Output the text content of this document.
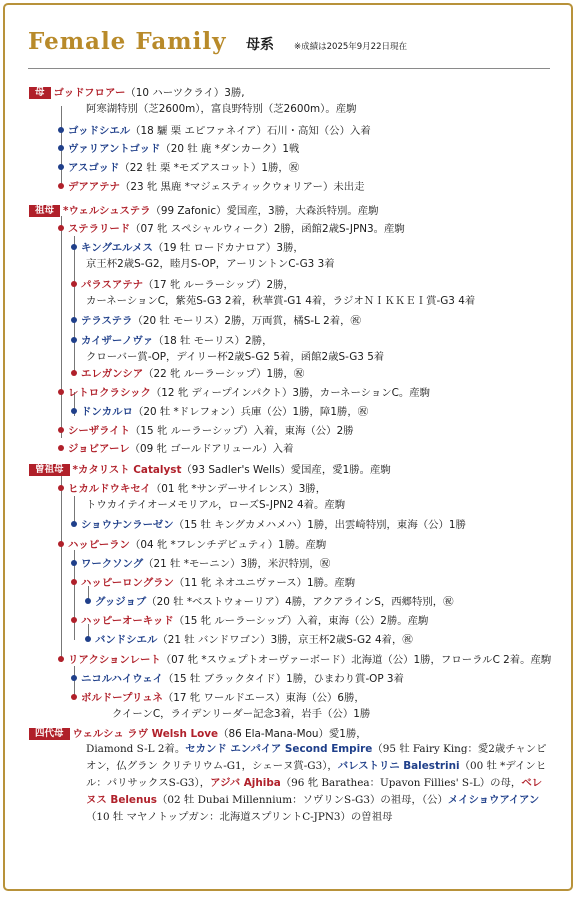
Female Family 母系 ※成績は2025年9月22日現在
母 ゴッドフロアー（10 ハーツクライ）3勝,
阿寒湖特別（芝2600m），富良野特別（芝2600m）。産駒
ゴッドシエル（18 驪 栗 エピファネイア）石川・高知（公）入着
ヴァリアントゴッド（20 牡 鹿 *ダンカーク）1戦
アスゴッド（22 牡 栗 *モズアスコット）1勝，㊗
デアアテナ（23 牝 黒鹿 *マジェスティックウォリアー）未出走
祖母 *ウェルシュステラ（99 Zafonic）愛国産，3勝，大森浜特別。産駒
ステラリード（07 牝 スペシャルウィーク）2勝，函館2歳S-JPN3。産駒
キングエルメス（19 牡 ロードカナロア）3勝，
京王杯2歳S-G2，睦月S-OP，アーリントンC-G3 3着
パラスアテナ（17 牝 ルーラーシップ）2勝，
カーネーションC，紫苑S-G3 2着，秋華賞-G1 4着，ラジオＮＩＫＫＥＩ賞-G3 4着
テラステラ（20 牡 モーリス）2勝，万両賞，橘S-L 2着，㊗
カイザーノヴァ（18 牡 モーリス）2勝，
クローバー賞-OP，デイリー杯2歳S-G2 5着，函館2歳S-G3 5着
エレガンシア（22 牝 ルーラーシップ）1勝，㊗
レトロクラシック（12 牝 ディープインパクト）3勝，カーネーションC。産駒
ドンカルロ（20 牡 *ドレフォン）兵庫（公）1勝，障1勝，㊗
シーザライト（15 牝 ルーラーシップ）入着，東海（公）2勝
ジョビアーレ（09 牝 ゴールドアリュール）入着
曽祖母 *カタリスト Catalyst（93 Sadler's Wells）愛国産，愛1勝。産駒
ヒカルドウキセイ（01 牝 *サンデーサイレンス）3勝，
トウカイテイオーメモリアル，ローズS-JPN2 4着。産駒
ショウナンラーゼン（15 牡 キングカメハメハ）1勝，出雲崎特別，東海（公）1勝
ハッピーラン（04 牝 *フレンチデピュティ）1勝。産駒
ワークソング（21 牡 *モーニン）3勝，米沢特別，㊗
ハッピーロングラン（11 牝 ネオユニヴァース）1勝。産駒
グッジョブ（20 牡 *ベストウォーリア）4勝，アクアラインS，西郷特別，㊗
ハッピーオーキッド（15 牝 ルーラーシップ）入着，東海（公）2勝。産駒
バンドシエル（21 牡 バンドワゴン）3勝，京王杯2歳S-G2 4着，㊗
リアクションレート（07 牝 *スウェプトオーヴァーボード）北海道（公）1勝，フローラルC 2着。産駒
ニコルハイウェイ（15 牡 ブラックタイド）1勝，ひまわり賞-OP 3着
ボルドープリュネ（17 牝 ワールドエース）東海（公）6勝，
クイーンC，ライデンリーダー記念3着，岩手（公）1勝
四代母 ウェルシュ ラヴ Welsh Love（86 Ela-Mana-Mou）愛1勝，
Diamond S-L 2着。セカンド エンパイア Second Empire（95 牡 Fairy King：愛2歳チャンピオン，仏グラン クリテリウム-G1，シェーヌ賞-G3），バレストリニ Balestrini（00 牡 *デインヒル：パリサックスS-G3），アジバ Ajhiba（96 牝 Barathea：Upavon Fillies' S-L）の母，ベレヌス Belenus（02 牡 Dubai Millennium：ソヴリンS-G3）の祖母，（公）メイショウアイアン（10 牡 マヤノトップガン：北海道スプリントC-JPN3）の曽祖母
